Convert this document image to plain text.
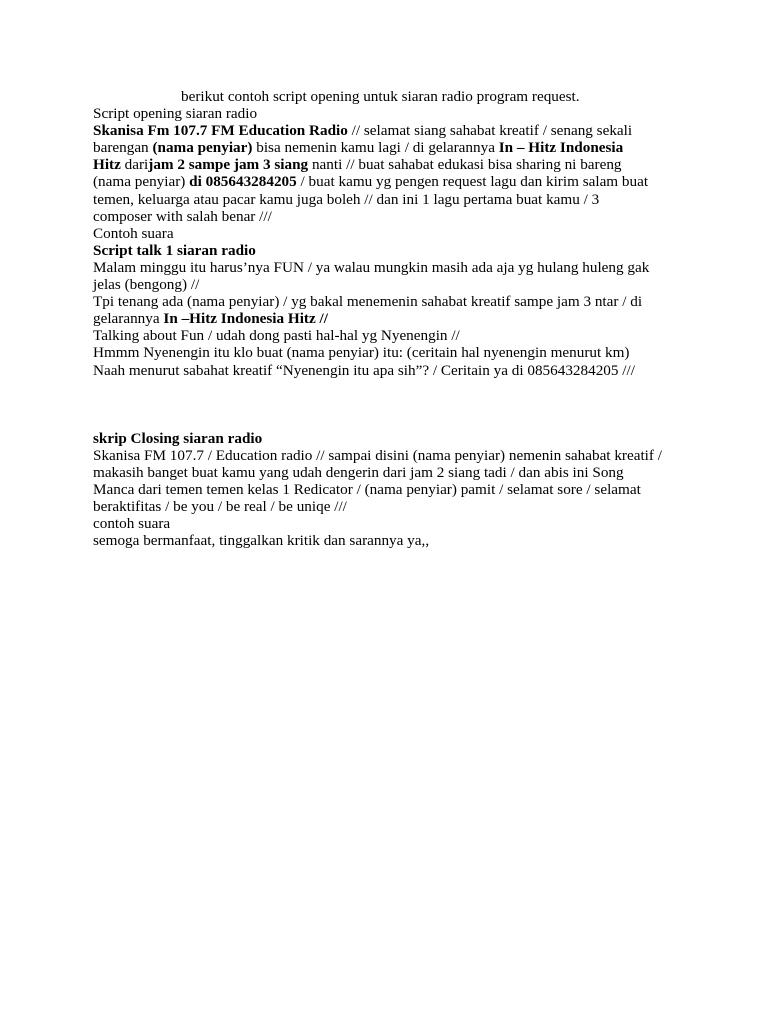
berikut contoh script opening untuk siaran radio program request.
Script opening siaran radio
Skanisa Fm 107.7 FM Education Radio // selamat siang sahabat kreatif / senang sekali
barengan (nama penyiar) bisa nemenin kamu lagi / di gelarannya In – Hitz Indonesia
Hitz darijam 2 sampe jam 3 siang nanti // buat sahabat edukasi bisa sharing ni bareng
(nama penyiar) di 085643284205 / buat kamu yg pengen request lagu dan kirim salam buat
temen, keluarga atau pacar kamu juga boleh // dan ini 1 lagu pertama buat kamu / 3
composer with salah benar ///
Contoh suara
Script talk 1 siaran radio
Malam minggu itu harus’nya FUN / ya walau mungkin masih ada aja yg hulang huleng gak
jelas (bengong) //
Tpi tenang ada (nama penyiar) / yg bakal menemenin sahabat kreatif sampe jam 3 ntar / di
gelarannya In –Hitz Indonesia Hitz //
Talking about Fun / udah dong pasti hal-hal yg Nyenengin //
Hmmm Nyenengin itu klo buat (nama penyiar) itu: (ceritain hal nyenengin menurut km)
Naah menurut sabahat kreatif “Nyenengin itu apa sih”? / Ceritain ya di 085643284205 ///
skrip Closing siaran radio
Skanisa FM 107.7 / Education radio // sampai disini (nama penyiar) nemenin sahabat kreatif /
makasih banget buat kamu yang udah dengerin dari jam 2 siang tadi / dan abis ini Song
Manca dari temen temen kelas 1 Redicator / (nama penyiar) pamit / selamat sore / selamat
beraktifitas / be you / be real / be uniqe ///
contoh suara
semoga bermanfaat, tinggalkan kritik dan sarannya ya,,
